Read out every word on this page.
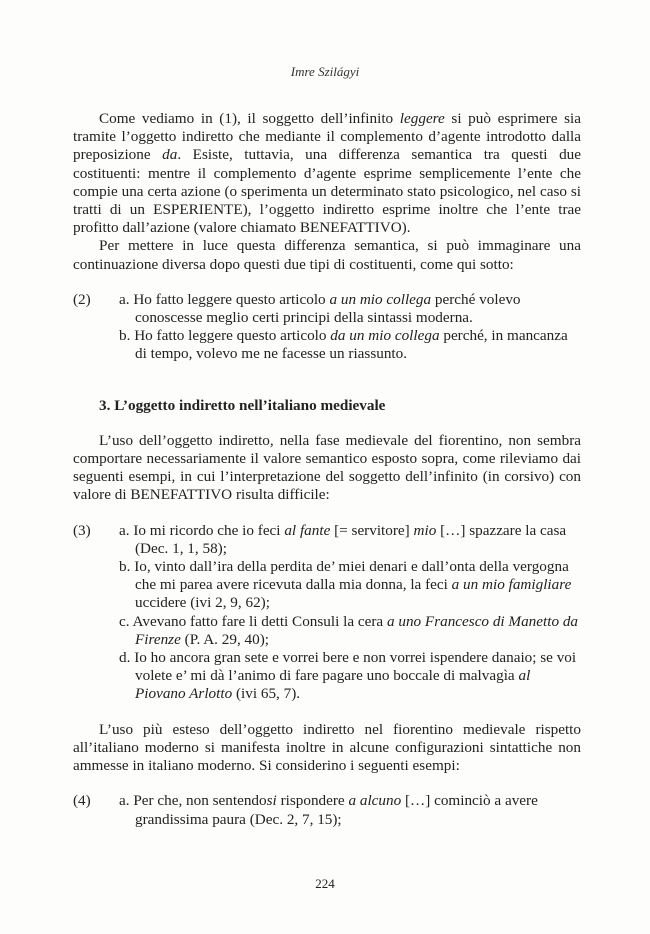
Imre Szilágyi

Come vediamo in (1), il soggetto dell’infinito leggere si può esprimere sia tramite l’oggetto indiretto che mediante il complemento d’agente introdotto dalla preposizione da. Esiste, tuttavia, una differenza semantica tra questi due costituenti: mentre il complemento d’agente esprime semplicemente l’ente che compie una certa azione (o sperimenta un determinato stato psicologico, nel caso si tratti di un ESPERIENTE), l’oggetto indiretto esprime inoltre che l’ente trae profitto dall’azione (valore chiamato BENEFATTIVO).

Per mettere in luce questa differenza semantica, si può immaginare una continuazione diversa dopo questi due tipi di costituenti, come qui sotto:

(2)	a. Ho fatto leggere questo articolo a un mio collega perché volevo conoscesse meglio certi principi della sintassi moderna.
b. Ho fatto leggere questo articolo da un mio collega perché, in mancanza di tempo, volevo me ne facesse un riassunto.

3. L’oggetto indiretto nell’italiano medievale

L’uso dell’oggetto indiretto, nella fase medievale del fiorentino, non sembra comportare necessariamente il valore semantico esposto sopra, come rileviamo dai seguenti esempi, in cui l’interpretazione del soggetto dell’infinito (in corsivo) con valore di BENEFATTIVO risulta difficile:

(3)	a. Io mi ricordo che io feci al fante [= servitore] mio […] spazzare la casa (Dec. 1, 1, 58);
b. Io, vinto dall’ira della perdita de’ miei denari e dall’onta della vergogna che mi parea avere ricevuta dalla mia donna, la feci a un mio famigliare uccidere (ivi 2, 9, 62);
c. Avevano fatto fare li detti Consuli la cera a uno Francesco di Manetto da Firenze (P. A. 29, 40);
d. Io ho ancora gran sete e vorrei bere e non vorrei ispendere danaio; se voi volete e’ mi dà l’animo di fare pagare uno boccale di malvagìa al Piovano Arlotto (ivi 65, 7).

L’uso più esteso dell’oggetto indiretto nel fiorentino medievale rispetto all’italiano moderno si manifesta inoltre in alcune configurazioni sintattiche non ammesse in italiano moderno. Si considerino i seguenti esempi:

(4)	a. Per che, non sentendosi rispondere a alcuno […] cominciò a avere grandissima paura (Dec. 2, 7, 15);
224
